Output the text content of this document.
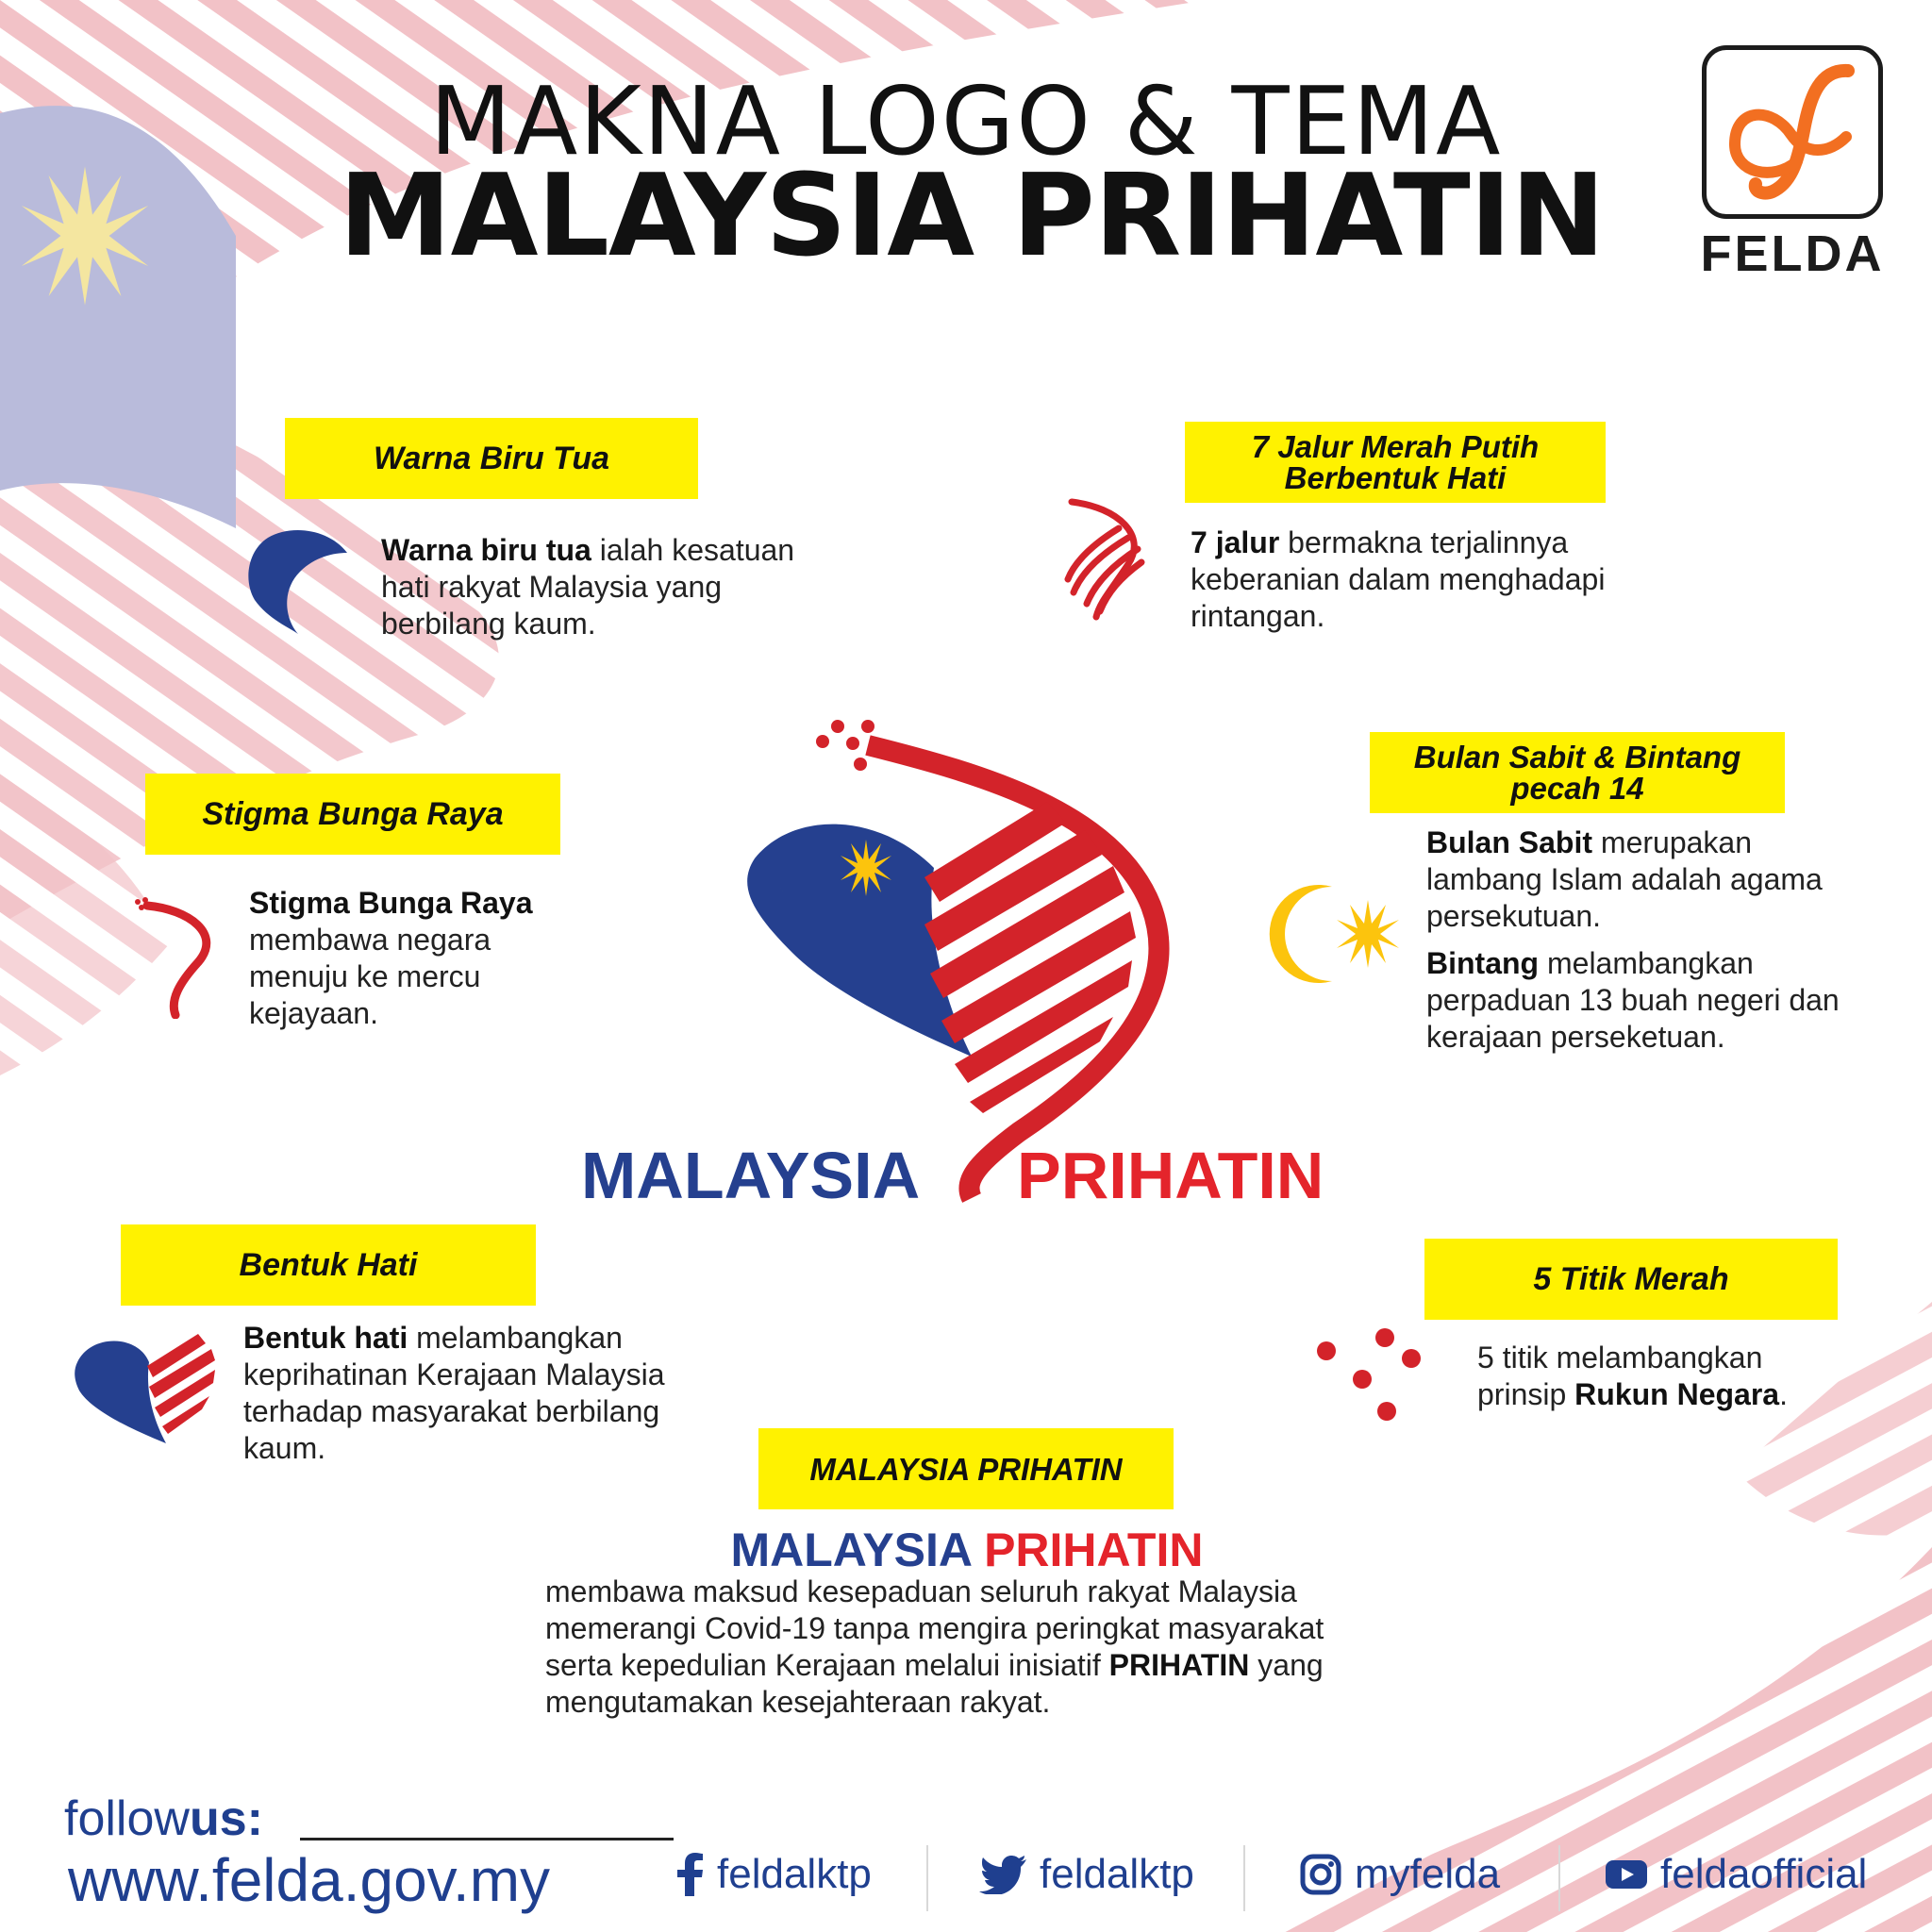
MAKNA LOGO & TEMA
MALAYSIA PRIHATIN	FELDA
Warna Biru Tua
Warna biru tua ialah kesatuan hati rakyat Malaysia yang berbilang kaum.
7 Jalur Merah Putih Berbentuk Hati
7 jalur bermakna terjalinnya keberanian dalam menghadapi rintangan.
Stigma Bunga Raya
Stigma Bunga Raya membawa negara menuju ke mercu kejayaan.
Bulan Sabit & Bintang pecah 14
Bulan Sabit merupakan lambang Islam adalah agama persekutuan.
Bintang melambangkan perpaduan 13 buah negeri dan kerajaan perseketuan.
MALAYSIA PRIHATIN
Bentuk Hati
Bentuk hati melambangkan keprihatinan Kerajaan Malaysia terhadap masyarakat berbilang kaum.
5 Titik Merah
5 titik melambangkan prinsip Rukun Negara.
MALAYSIA PRIHATIN
MALAYSIA PRIHATIN
membawa maksud kesepaduan seluruh rakyat Malaysia memerangi Covid-19 tanpa mengira peringkat masyarakat serta kepedulian Kerajaan melalui inisiatif PRIHATIN yang mengutamakan kesejahteraan rakyat.
followus:
www.felda.gov.my	feldalktp	feldalktp	myfelda	feldaofficial
